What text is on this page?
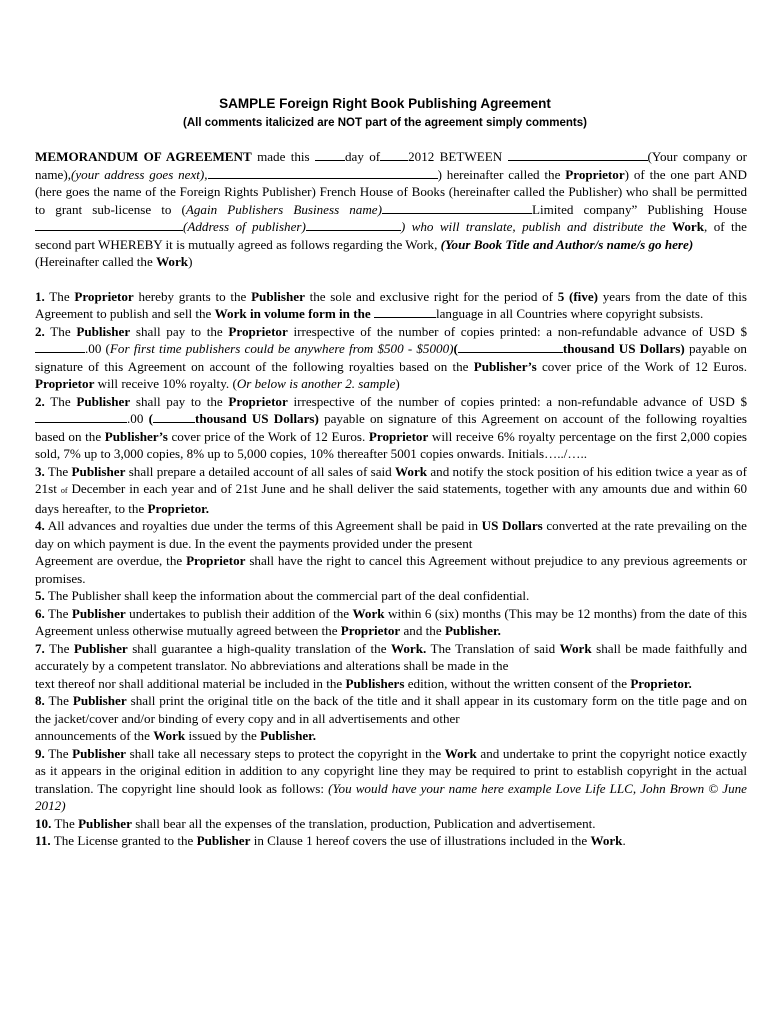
SAMPLE Foreign Right Book Publishing Agreement
(All comments italicized are NOT part of the agreement simply comments)

MEMORANDUM OF AGREEMENT made this	day of 2012 BETWEEN	(Your company or name),(your address goes next),	) hereinafter called the Proprietor) of the one part AND (here goes the name of the Foreign Rights Publisher) French House of Books (hereinafter called the Publisher) who shall be permitted to grant sub-license to (Again Publishers Business name)	Limited company” Publishing House(Address of publisher)	) who will translate, publish and distribute the Work, of the second part WHEREBY it is mutually agreed as follows regarding the Work, (Your Book Title and Author/s name/s go here)
(Hereinafter called the Work)

1. The Proprietor hereby grants to the Publisher the sole and exclusive right for the period of 5 (five) years from the date of this Agreement to publish and sell the Work in volume form in the	language in all Countries where copyright subsists.

2. The Publisher shall pay to the Proprietor irrespective of the number of copies printed: a non-refundable advance of USD $.00 (For first time publishers could be anywhere from $500 - $5000)(	thousand US Dollars) payable on signature of this Agreement on account of the following royalties based on the Publisher’s cover price of the Work of 12 Euros. Proprietor will receive 10% royalty. (Or below is another 2. sample)

2. The Publisher shall pay to the Proprietor irrespective of the number of copies printed: a non-refundable advance of USD $.00 (	thousand US Dollars) payable on signature of this Agreement on account of the following royalties based on the Publisher’s cover price of the Work of 12 Euros. Proprietor will receive 6% royalty percentage on the first 2,000 copies sold, 7% up to 3,000 copies, 8% up to 5,000 copies, 10% thereafter 5001 copies onwards. Initials…../…..

3. The Publisher shall prepare a detailed account of all sales of said Work and notify the stock position of his edition twice a year as of 21st of December in each year and of 21st June and he shall deliver the said statements, together with any amounts due and within 60 days hereafter, to the Proprietor.

4. All advances and royalties due under the terms of this Agreement shall be paid in US Dollars converted at the rate prevailing on the day on which payment is due. In the event the payments provided under the present

Agreement are overdue, the Proprietor shall have the right to cancel this Agreement without prejudice to any previous agreements or promises.

5. The Publisher shall keep the information about the commercial part of the deal confidential.

6. The Publisher undertakes to publish their addition of the Work within 6 (six) months (This may be 12 months) from the date of this Agreement unless otherwise mutually agreed between the Proprietor and the Publisher.

7. The Publisher shall guarantee a high-quality translation of the Work. The Translation of said Work shall be made faithfully and accurately by a competent translator. No abbreviations and alterations shall be made in the

text thereof nor shall additional material be included in the Publishers edition, without the written consent of the Proprietor.

8. The Publisher shall print the original title on the back of the title and it shall appear in its customary form on the title page and on the jacket/cover and/or binding of every copy and in all advertisements and other

announcements of the Work issued by the Publisher.

9. The Publisher shall take all necessary steps to protect the copyright in the Work and undertake to print the copyright notice exactly as it appears in the original edition in addition to any copyright line they may be required to print to establish copyright in the actual translation. The copyright line should look as follows: (You would have your name here example Love Life LLC, John Brown © June 2012)

10. The Publisher shall bear all the expenses of the translation, production, Publication and advertisement.

11. The License granted to the Publisher in Clause 1 hereof covers the use of illustrations included in the Work.
